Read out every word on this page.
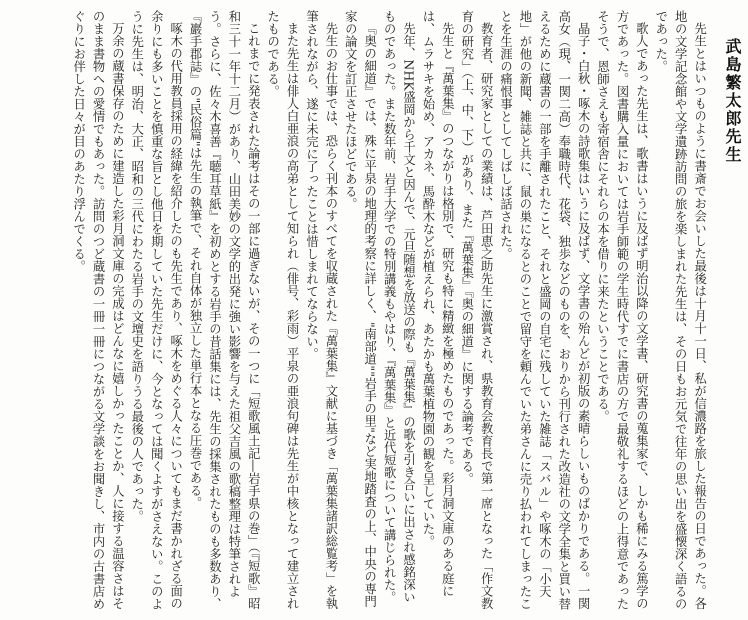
武島繁太郎先生

先生とはいつものように書斎でお会いした最後は十月十一日、私が信濃路を旅した報告の日であった。各地の文学記念館や文学遺跡訪問の旅を楽しまれた先生は、その日もお元気で往年の思い出を盛懐深く語るのであった。

歌人であった先生は、歌書はいうに及ばず明治以降の文学書、研究書の蒐集家で、しかも稀にみる篤学の方であった。図書購入量においては岩手師範の学生時代すでに書店の方で最敬礼するほどの上得意であったそうで、恩師さえも寄宿舎にそれらの本を借りに来たということである。

晶子・白秋・啄木の詩歌集はいうに及ばず、文学書の殆んどが初版の素晴らしいものばかりである。一関高女（現、一関二高）奉職時代、花袋、独歩などのものを、おりから刊行された改造社の文学全集と買い替えるために蔵書の一部を手離されたこと、それと盛岡の自宅に残していた雑誌「スバル」や啄木の「小天地」が他の新聞、雑誌と共に、鼠の巣になるとのことで留守を頼んでいた弟さんに売り払われてしまったことを生涯の痛恨事としてしばしば話された。

教育者、研究家としての業績は、芦田恵之助先生に激賞され、県教育会教育長で第一席となった「作文教育の研究」（上、中、下）があり、また『萬葉集』『奥の細道』に関する論考である。

先生と『萬葉集』のつながりは格別で、研究も特に精緻を極めたものであった。彩月洞文庫のある庭には、ムラサキを始め、アカネ、馬酔木などが植えられ、あたかも萬葉植物園の観を呈していた。

先年、NHK盛岡から千文と因んで、元旦随想を放送の際も『萬葉集』の歌を引き合いに出され感銘深いものであった。また数年前、岩手大学での特別講義もやはり、『萬葉集』と近代短歌について講じられた。

『奥の細道』では、殊に平泉の地理的考察に詳しく、"南部道""岩手の里"など実地踏査の上、中央の専門家の論文を訂正させたほどである。

先生のお仕事では、恐らく刊本のすべてを収蔵された『萬葉集』文献に基づき「萬葉集諸訳総覧考」を執筆されながら、遂に未完に了ったことは惜しまれてならない。

また先生は俳人白亜浪の高弟として知られ（俳号、彩雨）平泉の亜浪句碑は先生が中核となって建立されたものである。

これまでに発表された論考はその一部に過ぎないが、その一つに「短歌風土記―岩手県の巻」（『短歌』昭和三十一年十二月）があり、山田美妙の文学的出発に強い影響を与えた祖父吉風の歌稿整理は特筆されよう。さらに、佐々木喜善『聴耳草紙』を初めとする岩手の昔話集には、先生の採集されたものも多数あり、『巖手郡誌』の"民俗篇"は先生の執筆で、それ自体が独立した単行本となる圧巻である。

啄木の代用教員採用の経緯を紹介したのも先生であり、啄木をめぐる人々についてもまだ書かれざる面の余りにも多いことを慎重な旨とし他日を期していた先生だけに、今となっては聞くよすがさえない。このように先生は、明治、大正、昭和の三代にわたる岩手の文壇史を語りうる最後の人であった。

万余の蔵書保存のために建造した彩月洞文庫の完成はどんなに嬉しかったことか、人に接する温容さはそのまま書物への愛情でもあった。訪問のつど蔵書の一冊一冊につながる文学談をお聞きし、市内の古書店めぐりにお伴した日々が目のあたり浮んでくる。
